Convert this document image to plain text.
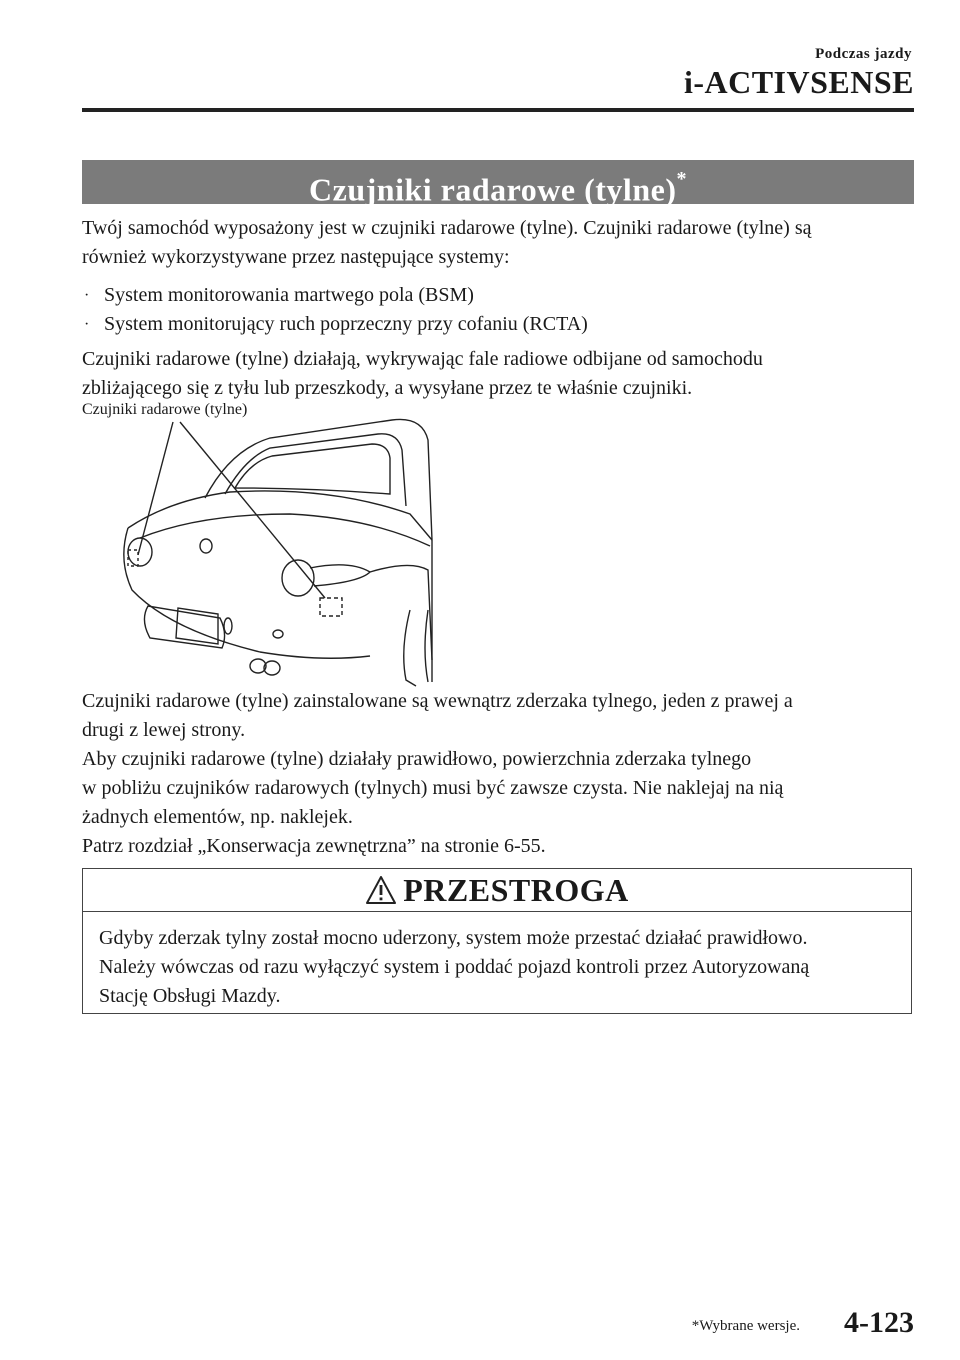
Podczas jazdy
i-ACTIVSENSE
Czujniki radarowe (tylne)*

Twój samochód wyposażony jest w czujniki radarowe (tylne). Czujniki radarowe (tylne) są
również wykorzystywane przez następujące systemy:

· System monitorowania martwego pola (BSM)
· System monitorujący ruch poprzeczny przy cofaniu (RCTA)

Czujniki radarowe (tylne) działają, wykrywając fale radiowe odbijane od samochodu
zbliżającego się z tyłu lub przeszkody, a wysyłane przez te właśnie czujniki.

Czujniki radarowe (tylne)

Czujniki radarowe (tylne) zainstalowane są wewnątrz zderzaka tylnego, jeden z prawej a
drugi z lewej strony.

Aby czujniki radarowe (tylne) działały prawidłowo, powierzchnia zderzaka tylnego
w pobliżu czujników radarowych (tylnych) musi być zawsze czysta. Nie naklejaj na nią
żadnych elementów, np. naklejek.

Patrz rozdział „Konserwacja zewnętrzna” na stronie 6-55.

PRZESTROGA
Gdyby zderzak tylny został mocno uderzony, system może przestać działać prawidłowo.
Należy wówczas od razu wyłączyć system i poddać pojazd kontroli przez Autoryzowaną
Stację Obsługi Mazdy.
*Wybrane wersje. 4-123
